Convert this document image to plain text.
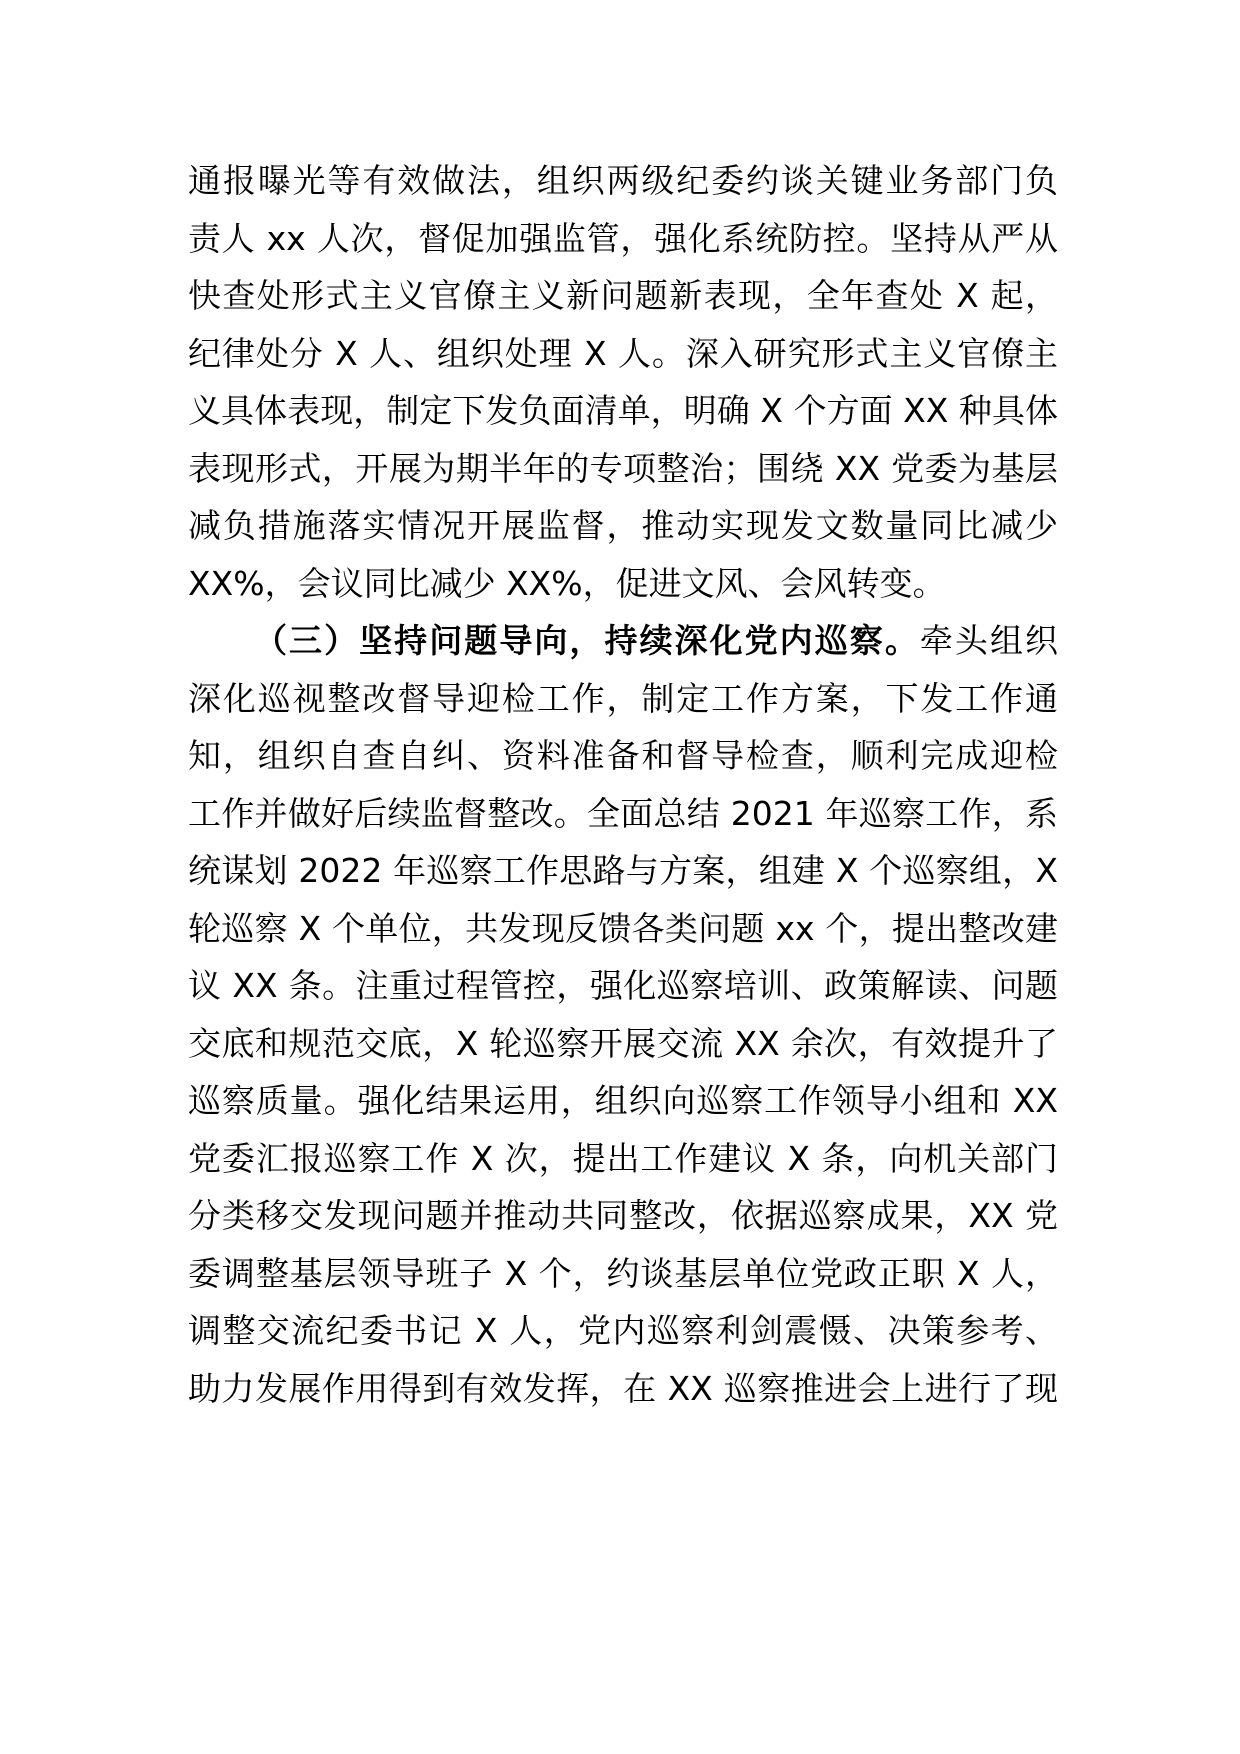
通报曝光等有效做法，组织两级纪委约谈关键业务部门负
责人 xx 人次，督促加强监管，强化系统防控。坚持从严从
快查处形式主义官僚主义新问题新表现，全年查处 X 起，
纪律处分 X 人、组织处理 X 人。深入研究形式主义官僚主
义具体表现，制定下发负面清单，明确 X 个方面 XX 种具体
表现形式，开展为期半年的专项整治；围绕 XX 党委为基层
减负措施落实情况开展监督，推动实现发文数量同比减少
XX%，会议同比减少 XX%，促进文风、会风转变。
（三）坚持问题导向，持续深化党内巡察。牵头组织
深化巡视整改督导迎检工作，制定工作方案，下发工作通
知，组织自查自纠、资料准备和督导检查，顺利完成迎检
工作并做好后续监督整改。全面总结 2021 年巡察工作，系
统谋划 2022 年巡察工作思路与方案，组建 X 个巡察组，X
轮巡察 X 个单位，共发现反馈各类问题 xx 个，提出整改建
议 XX 条。注重过程管控，强化巡察培训、政策解读、问题
交底和规范交底，X 轮巡察开展交流 XX 余次，有效提升了
巡察质量。强化结果运用，组织向巡察工作领导小组和 XX
党委汇报巡察工作 X 次，提出工作建议 X 条，向机关部门
分类移交发现问题并推动共同整改，依据巡察成果，XX 党
委调整基层领导班子 X 个，约谈基层单位党政正职 X 人，
调整交流纪委书记 X 人，党内巡察利剑震慑、决策参考、
助力发展作用得到有效发挥，在 XX 巡察推进会上进行了现
